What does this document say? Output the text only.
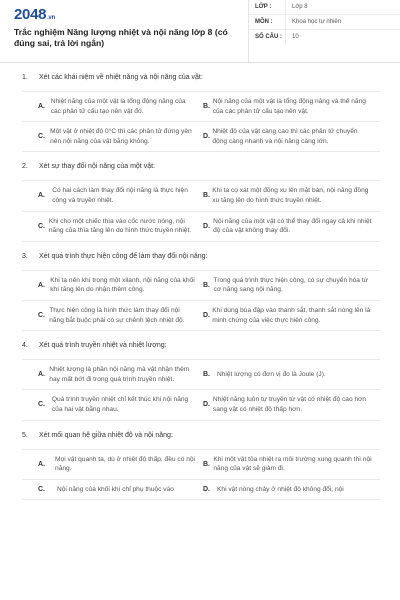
2048.vn
Trắc nghiệm Năng lượng nhiệt và nội năng lớp 8 (có đúng sai, trả lời ngắn)
LỚP :	Lớp 8
MÔN :	Khoa học tự nhiên
SỐ CÂU :	10
1.	Xét các khái niệm về nhiệt năng và nội năng của vật:
A.
Nhiệt năng của một vật là tổng động năng của các phân tử cấu tạo nên vật đó.
B.
Nội năng của một vật là tổng động năng và thế năng của các phân tử cấu tạo nên vật.
C.
Một vật ở nhiệt độ 0°C thì các phân tử đứng yên nên nội năng của vật bằng không.
D.
Nhiệt độ của vật càng cao thì các phân tử chuyển động càng nhanh và nội năng càng lớn.
2.	Xét sự thay đổi nội năng của một vật:
A.
Có hai cách làm thay đổi nội năng là thực hiện công và truyền nhiệt.
B.
Khi ta cọ xát một đồng xu lên mặt bàn, nội năng đồng xu tăng lên do hình thức truyền nhiệt.
C.
Khi cho một chiếc thìa vào cốc nước nóng, nội năng của thìa tăng lên do hình thức truyền nhiệt.
D.
Nội năng của một vật có thể thay đổi ngay cả khi nhiệt độ của vật không thay đổi.
3.	Xét quá trình thực hiện công để làm thay đổi nội năng:
A.
Khi ta nén khí trong một xilanh, nội năng của khối khí tăng lên do nhận thêm công.
B.
Trong quá trình thực hiện công, có sự chuyển hóa từ cơ năng sang nội năng.
C.
Thực hiện công là hình thức làm thay đổi nội năng bắt buộc phải có sự chênh lệch nhiệt độ.
D.
Khi dùng búa đập vào thanh sắt, thanh sắt nóng lên là minh chứng của việc thực hiện công.
4.	Xét quá trình truyền nhiệt và nhiệt lượng:
A.
Nhiệt lượng là phần nội năng mà vật nhận thêm hay mất bớt đi trong quá trình truyền nhiệt.
B.	Nhiệt lượng có đơn vị đo là Joule (J).
C.
Quá trình truyền nhiệt chỉ kết thúc khi nội năng của hai vật bằng nhau.
D.
Nhiệt năng luôn tự truyền từ vật có nhiệt độ cao hơn sang vật có nhiệt độ thấp hơn.
5.	Xét mối quan hệ giữa nhiệt độ và nội năng:
A.
Mọi vật quanh ta, dù ở nhiệt độ thấp, đều có nội năng.
B.
Khi một vật tỏa nhiệt ra môi trường xung quanh thì nội năng của vật sẽ giảm đi.
C.	Nội năng của khối khí chỉ phụ thuộc vào	D.	Khi vật nóng chảy ở nhiệt độ không đổi, nội
